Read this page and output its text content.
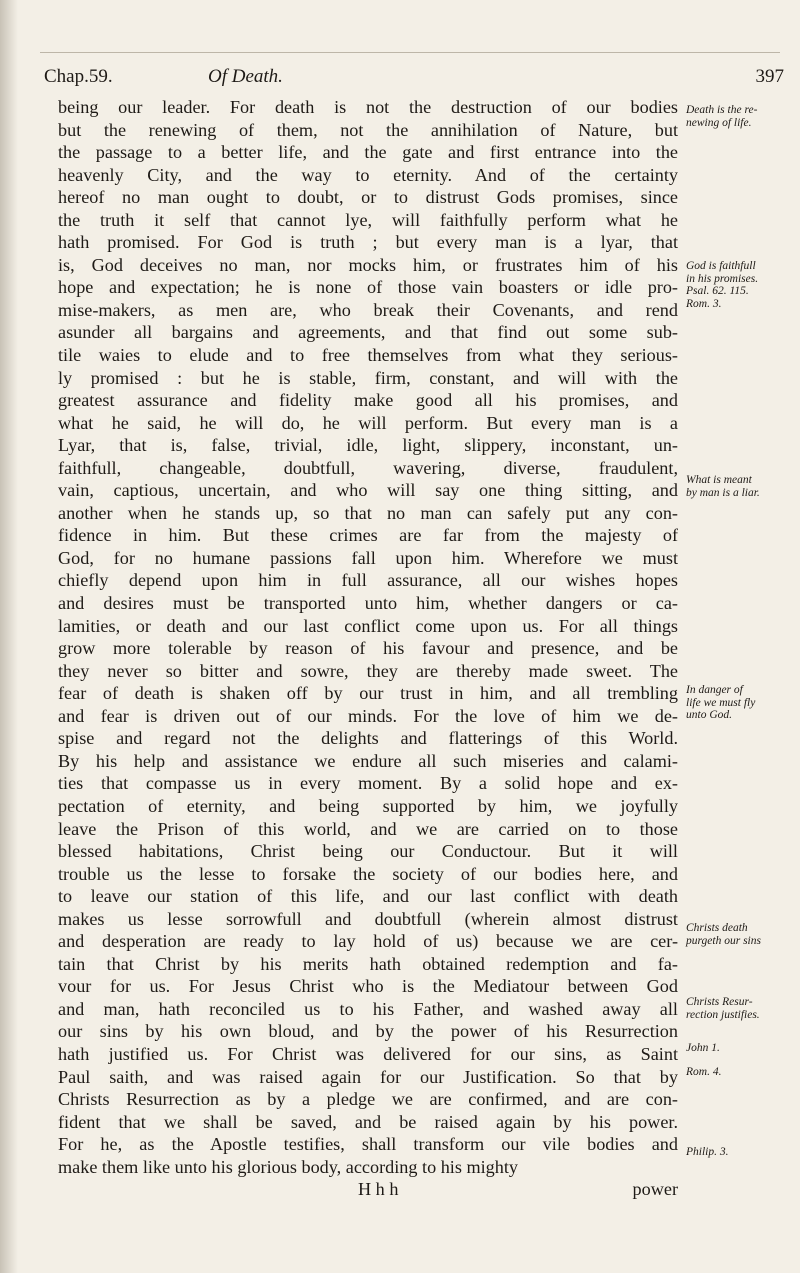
Chap.59.	Of Death.	397
being our leader. For death is not the destruction of our bodies
but the renewing of them, not the annihilation of Nature, but
the passage to a better life, and the gate and first entrance into the
heavenly City, and the way to eternity. And of the certainty
hereof no man ought to doubt, or to distrust Gods promises, since
the truth it self that cannot lye, will faithfully perform what he
hath promised. For God is truth ; but every man is a lyar, that
is, God deceives no man, nor mocks him, or frustrates him of his
hope and expectation; he is none of those vain boasters or idle pro-
mise-makers, as men are, who break their Covenants, and rend
asunder all bargains and agreements, and that find out some sub-
tile waies to elude and to free themselves from what they serious-
ly promised : but he is stable, firm, constant, and will with the
greatest assurance and fidelity make good all his promises, and
what he said, he will do, he will perform. But every man is a
Lyar, that is, false, trivial, idle, light, slippery, inconstant, un-
faithfull, changeable, doubtfull, wavering, diverse, fraudulent,
vain, captious, uncertain, and who will say one thing sitting, and
another when he stands up, so that no man can safely put any con-
fidence in him. But these crimes are far from the majesty of
God, for no humane passions fall upon him. Wherefore we must
chiefly depend upon him in full assurance, all our wishes hopes
and desires must be transported unto him, whether dangers or ca-
lamities, or death and our last conflict come upon us. For all things
grow more tolerable by reason of his favour and presence, and be
they never so bitter and sowre, they are thereby made sweet. The
fear of death is shaken off by our trust in him, and all trembling
and fear is driven out of our minds. For the love of him we de-
spise and regard not the delights and flatterings of this World.
By his help and assistance we endure all such miseries and calami-
ties that compasse us in every moment. By a solid hope and ex-
pectation of eternity, and being supported by him, we joyfully
leave the Prison of this world, and we are carried on to those
blessed habitations, Christ being our Conductour. But it will
trouble us the lesse to forsake the society of our bodies here, and
to leave our station of this life, and our last conflict with death
makes us lesse sorrowfull and doubtfull (wherein almost distrust
and desperation are ready to lay hold of us) because we are cer-
tain that Christ by his merits hath obtained redemption and fa-
vour for us. For Jesus Christ who is the Mediatour between God
and man, hath reconciled us to his Father, and washed away all
our sins by his own bloud, and by the power of his Resurrection
hath justified us. For Christ was delivered for our sins, as Saint
Paul saith, and was raised again for our Justification. So that by
Christs Resurrection as by a pledge we are confirmed, and are con-
fident that we shall be saved, and be raised again by his power.
For he, as the Apostle testifies, shall transform our vile bodies and
make them like unto his glorious body, according to his mighty
H h h	power
Death is the re-
newing of life.
God is faithfull
in his promises.
Psal. 62. 115.
Rom. 3.
What is meant
by man is a liar.
In danger of
life we must fly
unto God.
Christs death
purgeth our sins
Christs Resur-
rection justifies.
John 1.
Rom. 4.
Philip. 3.
